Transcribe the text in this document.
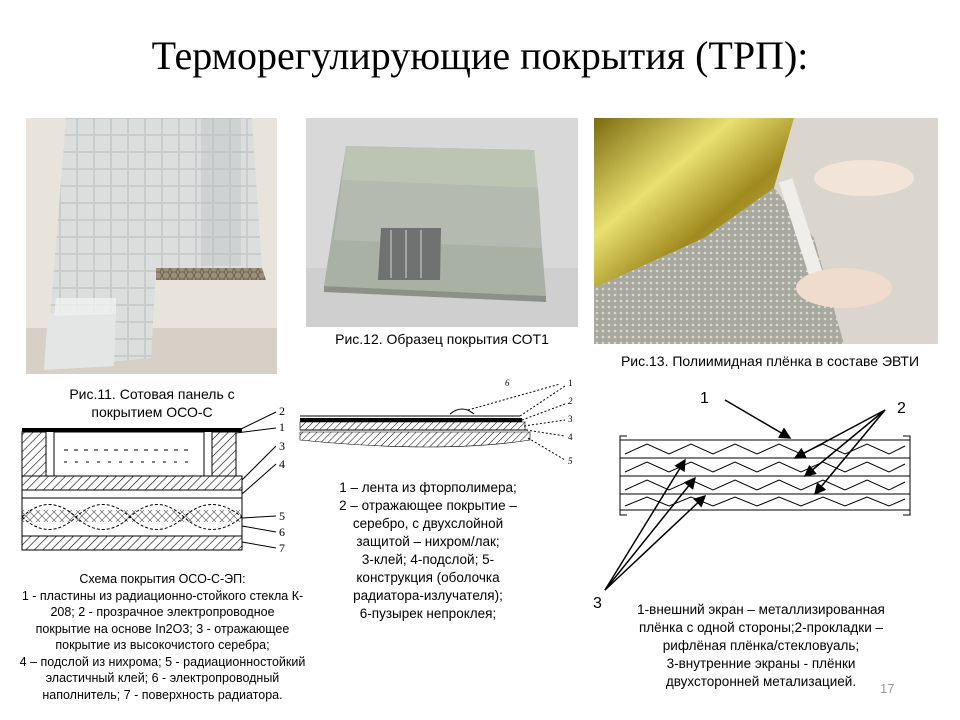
Терморегулирующие покрытия (ТРП):
Рис.12. Образец покрытия СОТ1
Рис.13. Полиимидная плёнка в составе ЭВТИ
Рис.11. Сотовая панель с
покрытием ОСО-С	2
1
3
4
5
6
7
Схема покрытия ОСО-С-ЭП:
1 - пластины из радиационно-стойкого стекла К-
208; 2 - прозрачное электропроводное
покрытие на основе In2O3; 3 - отражающее
покрытие из высокочистого серебра;
4 – подслой из нихрома; 5 - радиационностойкий
эластичный клей; 6 - электропроводный
наполнитель; 7 - поверхность радиатора.
6	1
2
3
4
5
1 – лента из фторполимера;
2 – отражающее покрытие –
серебро, с двухслойной
защитой – нихром/лак;
3-клей; 4-подслой; 5-
конструкция (оболочка
радиатора-излучателя);
6-пузырек непроклея;
1
2
3	1-внешний экран – металлизированная
плёнка с одной стороны;2-прокладки –
рифлёная плёнка/стекловуаль;
3-внутренние экраны - плёнки
двухсторонней метализацией.	17
